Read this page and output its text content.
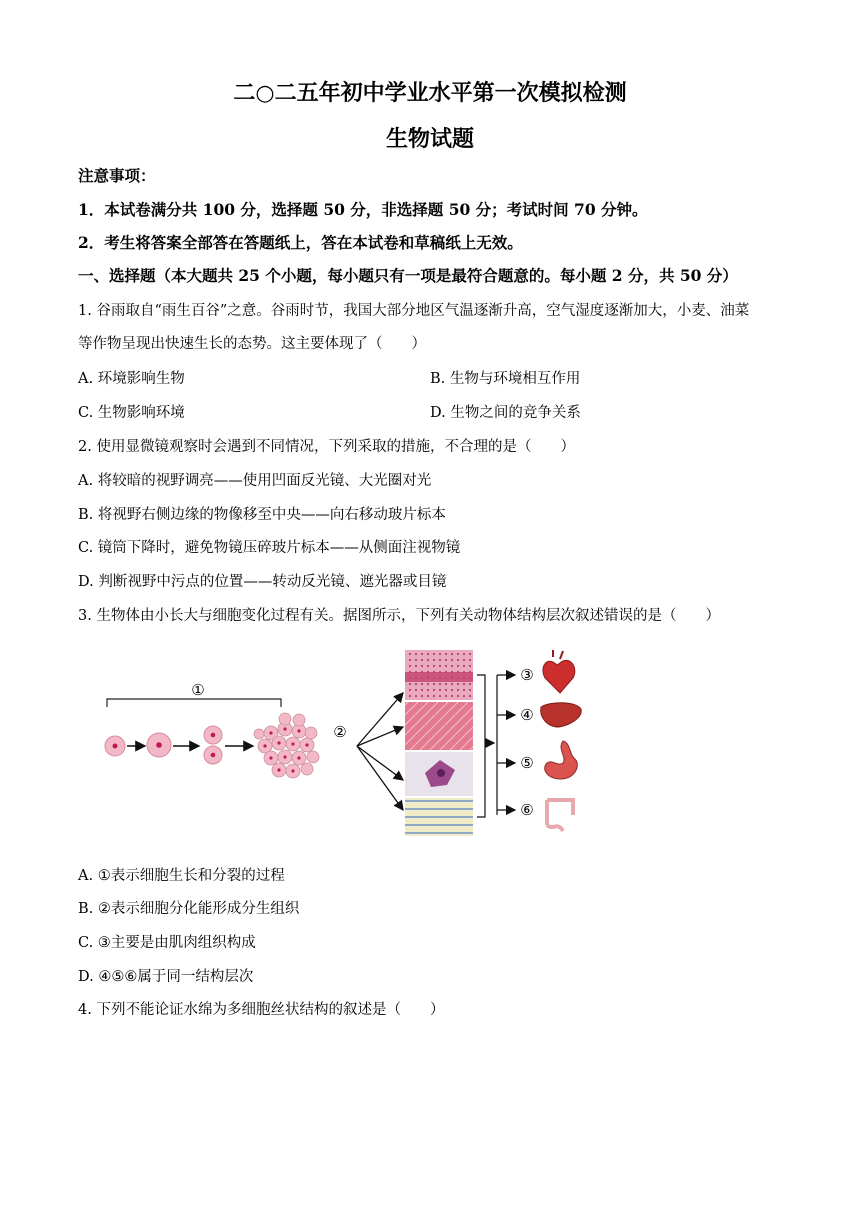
二○二五年初中学业水平第一次模拟检测
生物试题
注意事项：
1．本试卷满分共 100 分，选择题 50 分，非选择题 50 分；考试时间 70 分钟。
2．考生将答案全部答在答题纸上，答在本试卷和草稿纸上无效。
一、选择题（本大题共 25 个小题，每小题只有一项是最符合题意的。每小题 2 分，共 50 分）
1. 谷雨取自“雨生百谷”之意。谷雨时节，我国大部分地区气温逐渐升高，空气湿度逐渐加大，小麦、油菜
等作物呈现出快速生长的态势。这主要体现了（　　）
A. 环境影响生物	B. 生物与环境相互作用
C. 生物影响环境	D. 生物之间的竞争关系
2. 使用显微镜观察时会遇到不同情况，下列采取的措施，不合理的是（　　）
A. 将较暗的视野调亮——使用凹面反光镜、大光圈对光
B. 将视野右侧边缘的物像移至中央——向右移动玻片标本
C. 镜筒下降时，避免物镜压碎玻片标本——从侧面注视物镜
D. 判断视野中污点的位置——转动反光镜、遮光器或目镜
3. 生物体由小长大与细胞变化过程有关。据图所示，下列有关动物体结构层次叙述错误的是（　　）
①
②
③
④
⑤
⑥
A. ①表示细胞生长和分裂的过程
B. ②表示细胞分化能形成分生组织
C. ③主要是由肌肉组织构成
D. ④⑤⑥属于同一结构层次
4. 下列不能论证水绵为多细胞丝状结构的叙述是（　　）
